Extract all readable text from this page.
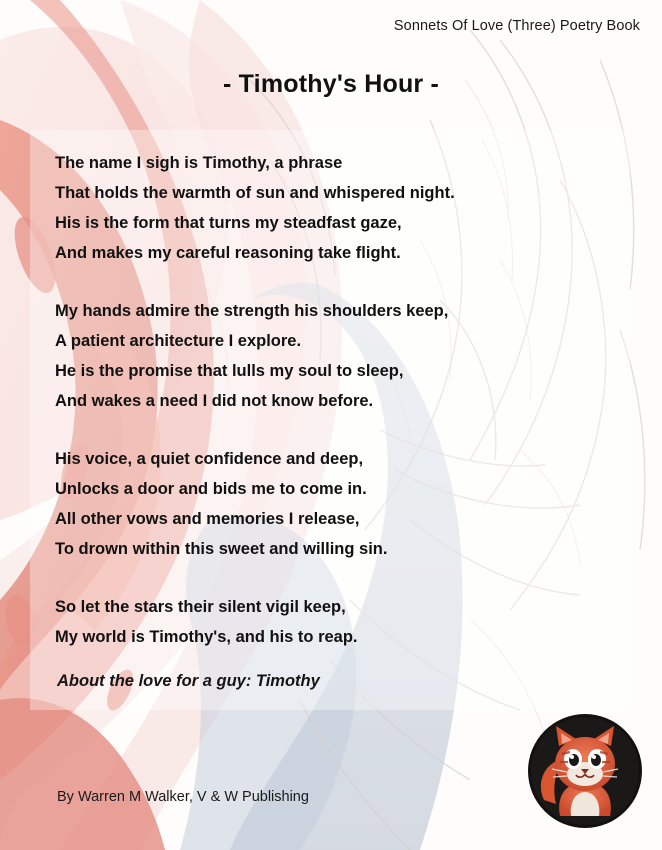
Sonnets Of Love (Three) Poetry Book
- Timothy's Hour -
The name I sigh is Timothy, a phrase
That holds the warmth of sun and whispered night.
His is the form that turns my steadfast gaze,
And makes my careful reasoning take flight.
My hands admire the strength his shoulders keep,
A patient architecture I explore.
He is the promise that lulls my soul to sleep,
And wakes a need I did not know before.
His voice, a quiet confidence and deep,
Unlocks a door and bids me to come in.
All other vows and memories I release,
To drown within this sweet and willing sin.
So let the stars their silent vigil keep,
My world is Timothy's, and his to reap.
About the love for a guy: Timothy
By Warren M Walker, V & W Publishing
